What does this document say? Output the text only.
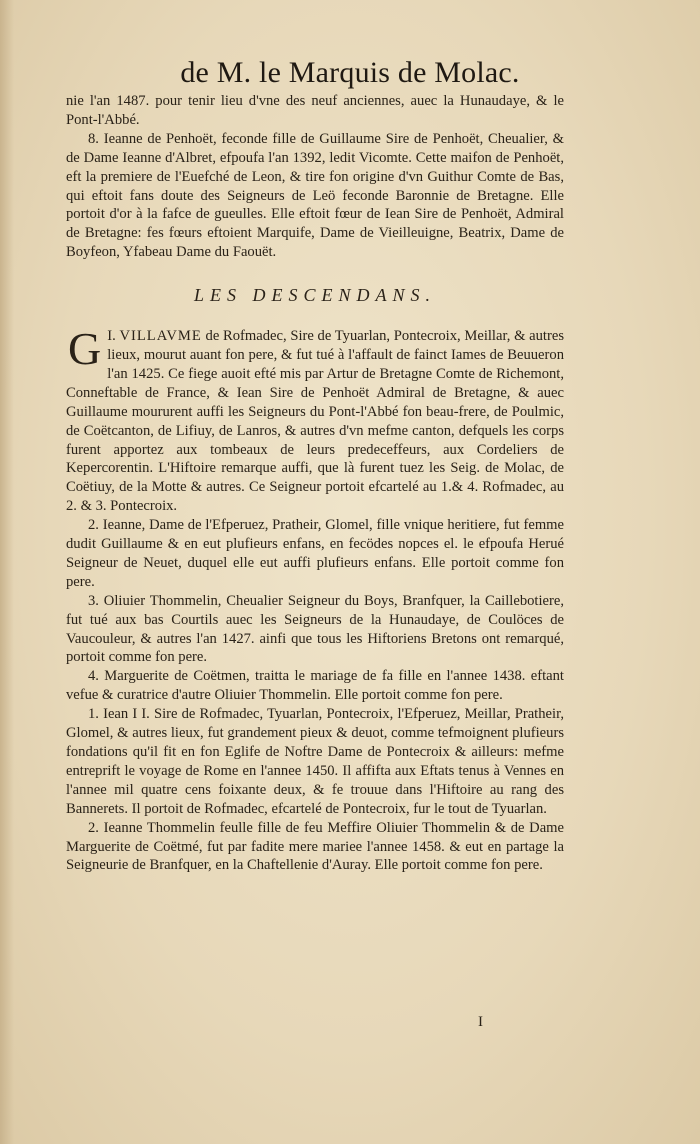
de M. le Marquis de Molac.

nie l'an 1487. pour tenir lieu d'vne des neuf anciennes, auec la Hunaudaye, & le Pont-l'Abbé.

8. Ieanne de Penhoët, feconde fille de Guillaume Sire de Penhoët, Cheualier, & de Dame Ieanne d'Albret, efpoufa l'an 1392, ledit Vicomte. Cette maifon de Penhoët, eft la premiere de l'Euefché de Leon, & tire fon origine d'vn Guithur Comte de Bas, qui eftoit fans doute des Seigneurs de Leö feconde Baronnie de Bretagne. Elle portoit d'or à la fafce de gueulles. Elle eftoit fœur de Iean Sire de Penhoët, Admiral de Bretagne: fes fœurs eftoient Marquife, Dame de Vieilleuigne, Beatrix, Dame de Boyfeon, Yfabeau Dame du Faouët.

LES DESCENDANS.

I.
G VILLAVME de Rofmadec, Sire de Tyuarlan, Pontecroix, Meillar, & autres lieux, mourut auant fon pere, & fut tué à l'affault de fainct Iames de Beuueron l'an 1425. Ce fiege auoit efté mis par Artur de Bretagne Comte de Richemont, Conneftable de France, & Iean Sire de Penhoët Admiral de Bretagne, & auec Guillaume moururent auffi les Seigneurs du Pont-l'Abbé fon beau-frere, de Poulmic, de Coëtcanton, de Lifiuy, de Lanros, & autres d'vn mefme canton, defquels les corps furent apportez aux tombeaux de leurs predeceffeurs, aux Cordeliers de Kepercorentin. L'Hiftoire remarque auffi, que là furent tuez les Seig. de Molac, de Coëtiuy, de la Motte & autres. Ce Seigneur portoit efcartelé au 1.& 4. Rofmadec, au 2. & 3. Pontecroix.

2. Ieanne, Dame de l'Efperuez, Pratheir, Glomel, fille vnique heritiere, fut femme dudit Guillaume & en eut plufieurs enfans, en fecödes nopces el. le efpoufa Herué Seigneur de Neuet, duquel elle eut auffi plufieurs enfans. Elle portoit comme fon pere.

3. Oliuier Thommelin, Cheualier Seigneur du Boys, Branfquer, la Caillebotiere, fut tué aux bas Courtils auec les Seigneurs de la Hunaudaye, de Coulöces de Vaucouleur, & autres l'an 1427. ainfi que tous les Hiftoriens Bretons ont remarqué, portoit comme fon pere.

4. Marguerite de Coëtmen, traitta le mariage de fa fille en l'annee 1438. eftant vefue & curatrice d'autre Oliuier Thommelin. Elle portoit comme fon pere.

1. Iean I I. Sire de Rofmadec, Tyuarlan, Pontecroix, l'Efperuez, Meillar, Pratheir, Glomel, & autres lieux, fut grandement pieux & deuot, comme tefmoignent plufieurs fondations qu'il fit en fon Eglife de Noftre Dame de Pontecroix & ailleurs: mefme entreprift le voyage de Rome en l'annee 1450. Il affifta aux Eftats tenus à Vennes en l'annee mil quatre cens foixante deux, & fe trouue dans l'Hiftoire au rang des Bannerets. Il portoit de Rofmadec, efcartelé de Pontecroix, fur le tout de Tyuarlan.

2. Ieanne Thommelin feulle fille de feu Meffire Oliuier Thommelin & de Dame Marguerite de Coëtmé, fut par fadite mere mariee l'annee 1458. & eut en partage la Seigneurie de Branfquer, en la Chaftellenie d'Auray. Elle portoit comme fon pere.

I
